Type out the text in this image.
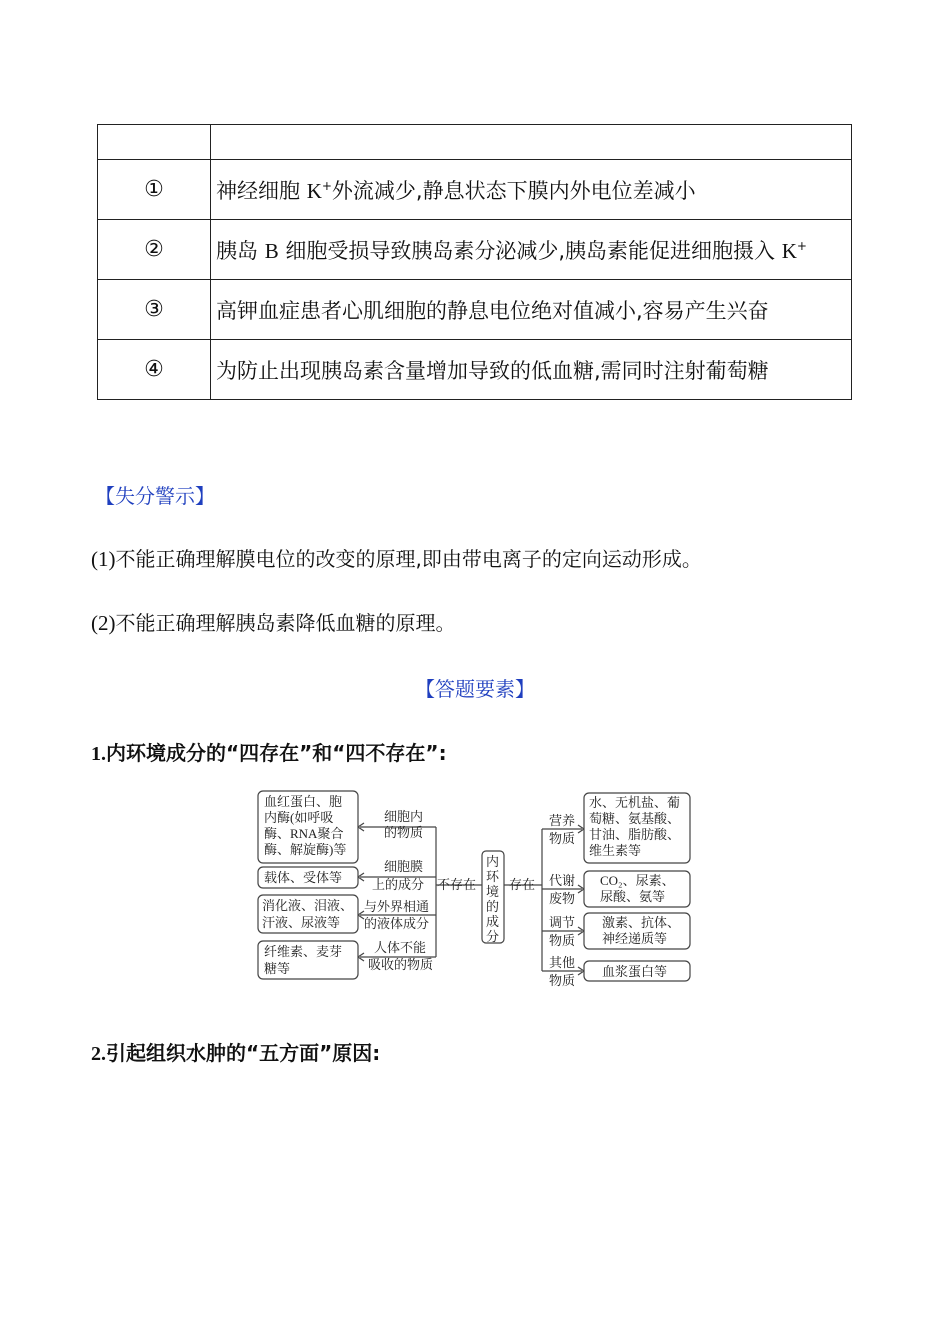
①	神经细胞 K+外流减少,静息状态下膜内外电位差减小
②	胰岛 B 细胞受损导致胰岛素分泌减少,胰岛素能促进细胞摄入 K+
③	高钾血症患者心肌细胞的静息电位绝对值减小,容易产生兴奋
④	为防止出现胰岛素含量增加导致的低血糖,需同时注射葡萄糖
【失分警示】
(1)不能正确理解膜电位的改变的原理,即由带电离子的定向运动形成。
(2)不能正确理解胰岛素降低血糖的原理。
【答题要素】
1.内环境成分的“四存在”和“四不存在”:
内
环
境
的
成
分
不存在
细胞内
的物质
细胞膜
上的成分
与外界相通
的液体成分
人体不能
吸收的物质
血红蛋白、胞
内酶(如呼吸
酶、RNA聚合
酶、解旋酶)等
载体、受体等
消化液、泪液、
汗液、尿液等
纤维素、麦芽
糖等
存在
营养
物质
代谢
废物
调节
物质
其他
物质
水、无机盐、葡
萄糖、氨基酸、
甘油、脂肪酸、
维生素等
CO₂、尿素、
尿酸、氨等
激素、抗体、
神经递质等
血浆蛋白等
2.引起组织水肿的“五方面”原因:
